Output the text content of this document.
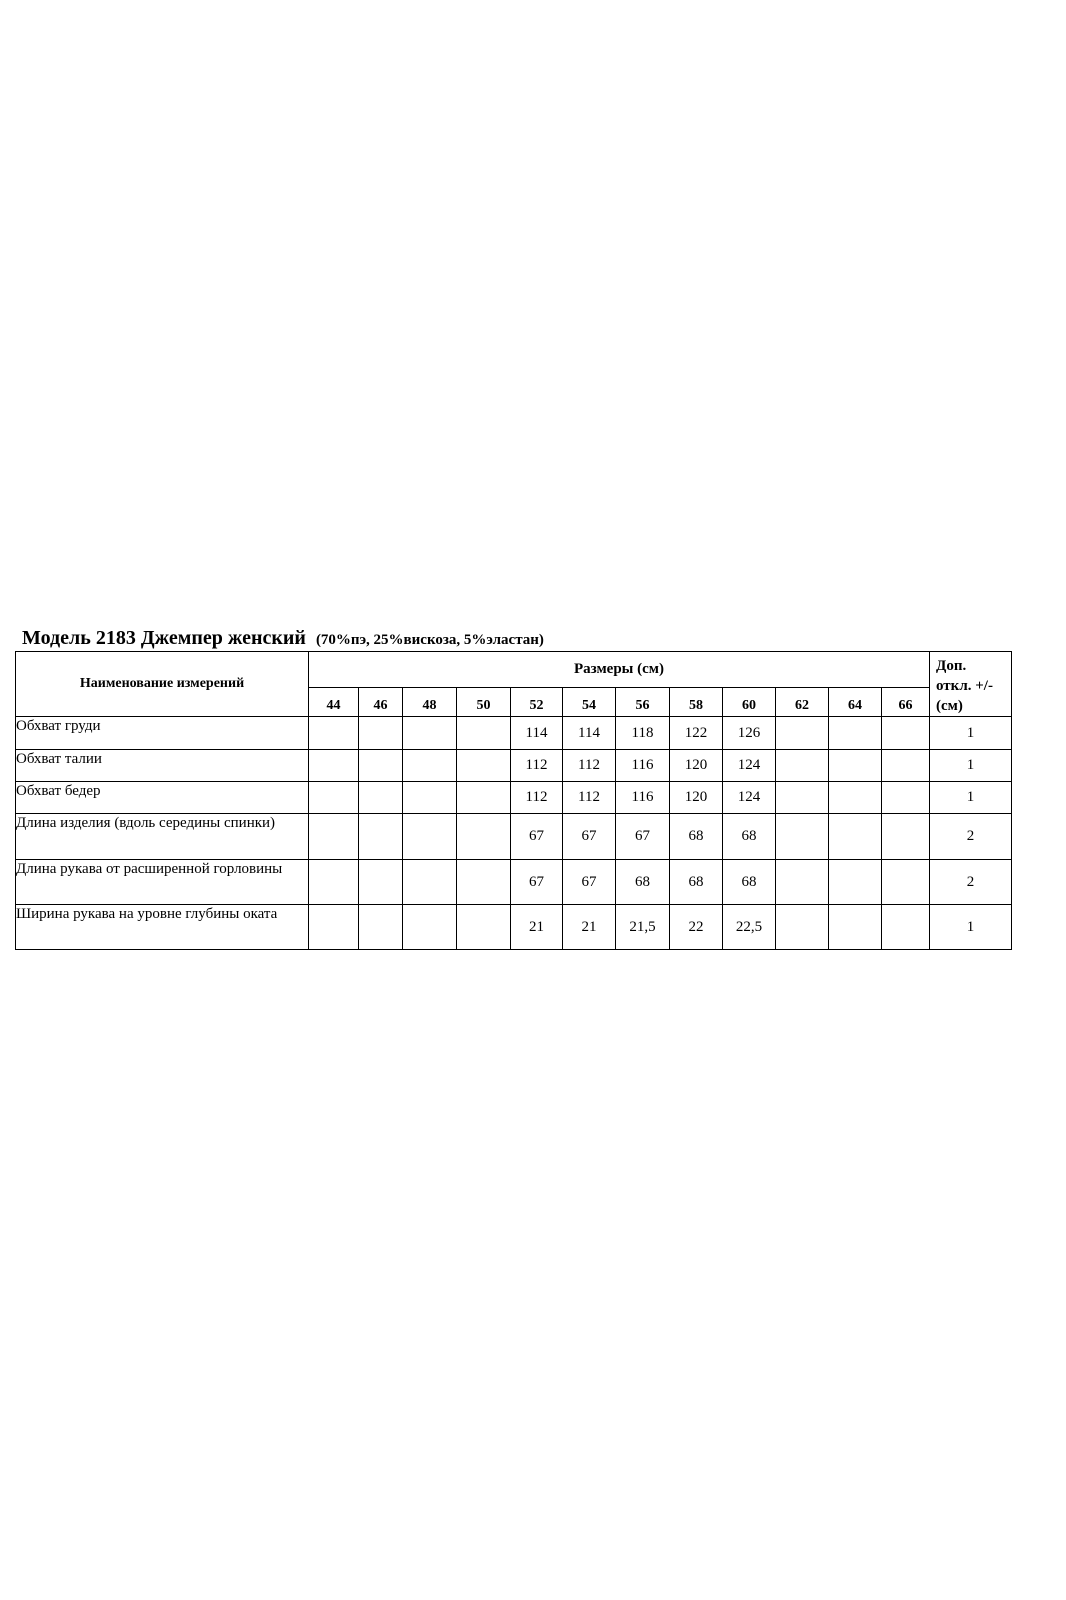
Модель 2183 Джемпер женский (70%пэ, 25%вискоза, 5%эластан)
Наименование измерений	Размеры (см)												Доп.
откл. +/-
(см)

	44	46	48	50	52	54	56	58	60	62	64	66	
Обхват груди					114	114	118	122	126				1
Обхват талии					112	112	116	120	124				1
Обхват бедер					112	112	116	120	124				1
Длина изделия (вдоль середины спинки)					67	67	67	68	68				2
Длина рукава от расширенной горловины					67	67	68	68	68				2
Ширина рукава на уровне глубины оката					21	21	21,5	22	22,5				1
